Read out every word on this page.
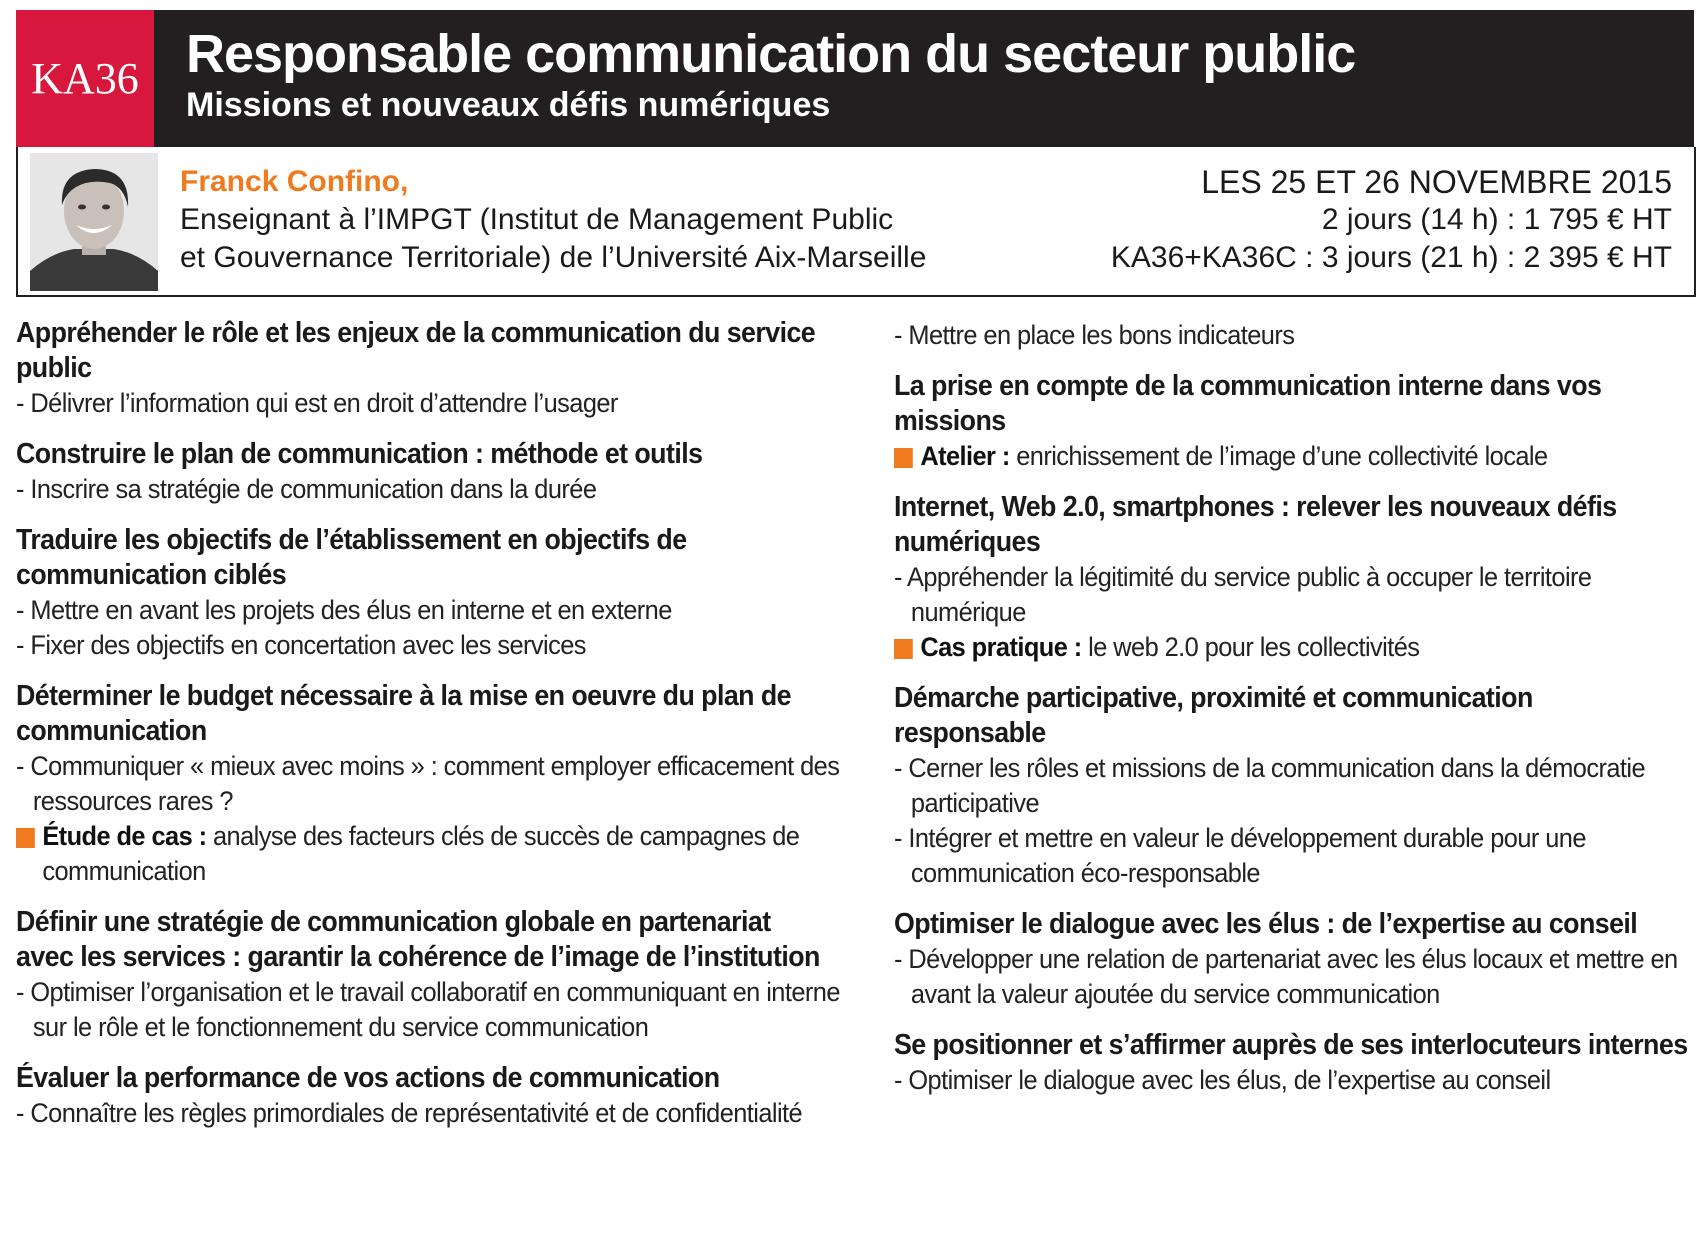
KA36 Responsable communication du secteur public
Missions et nouveaux défis numériques
Franck Confino,
Enseignant à l’IMPGT (Institut de Management Public
et Gouvernance Territoriale) de l’Université Aix-Marseille
LES 25 ET 26 NOVEMBRE 2015
2 jours (14 h) : 1 795 € HT
KA36+KA36C : 3 jours (21 h) : 2 395 € HT
Appréhender le rôle et les enjeux de la communication du service public
- Délivrer l’information qui est en droit d’attendre l’usager
Construire le plan de communication : méthode et outils
- Inscrire sa stratégie de communication dans la durée
Traduire les objectifs de l’établissement en objectifs de communication ciblés
- Mettre en avant les projets des élus en interne et en externe
- Fixer des objectifs en concertation avec les services
Déterminer le budget nécessaire à la mise en oeuvre du plan de communication
- Communiquer « mieux avec moins » : comment employer efficacement des ressources rares ?
Étude de cas : analyse des facteurs clés de succès de campagnes de communication
Définir une stratégie de communication globale en partenariat avec les services : garantir la cohérence de l’image de l’institution
- Optimiser l’organisation et le travail collaboratif en communiquant en interne sur le rôle et le fonctionnement du service communication
Évaluer la performance de vos actions de communication
- Connaître les règles primordiales de représentativité et de confidentialité
- Mettre en place les bons indicateurs
La prise en compte de la communication interne dans vos missions
Atelier : enrichissement de l’image d’une collectivité locale
Internet, Web 2.0, smartphones : relever les nouveaux défis numériques
- Appréhender la légitimité du service public à occuper le territoire numérique
Cas pratique : le web 2.0 pour les collectivités
Démarche participative, proximité et communication responsable
- Cerner les rôles et missions de la communication dans la démocratie participative
- Intégrer et mettre en valeur le développement durable pour une communication éco-responsable
Optimiser le dialogue avec les élus : de l’expertise au conseil
- Développer une relation de partenariat avec les élus locaux et mettre en avant la valeur ajoutée du service communication
Se positionner et s’affirmer auprès de ses interlocuteurs internes
- Optimiser le dialogue avec les élus, de l’expertise au conseil
